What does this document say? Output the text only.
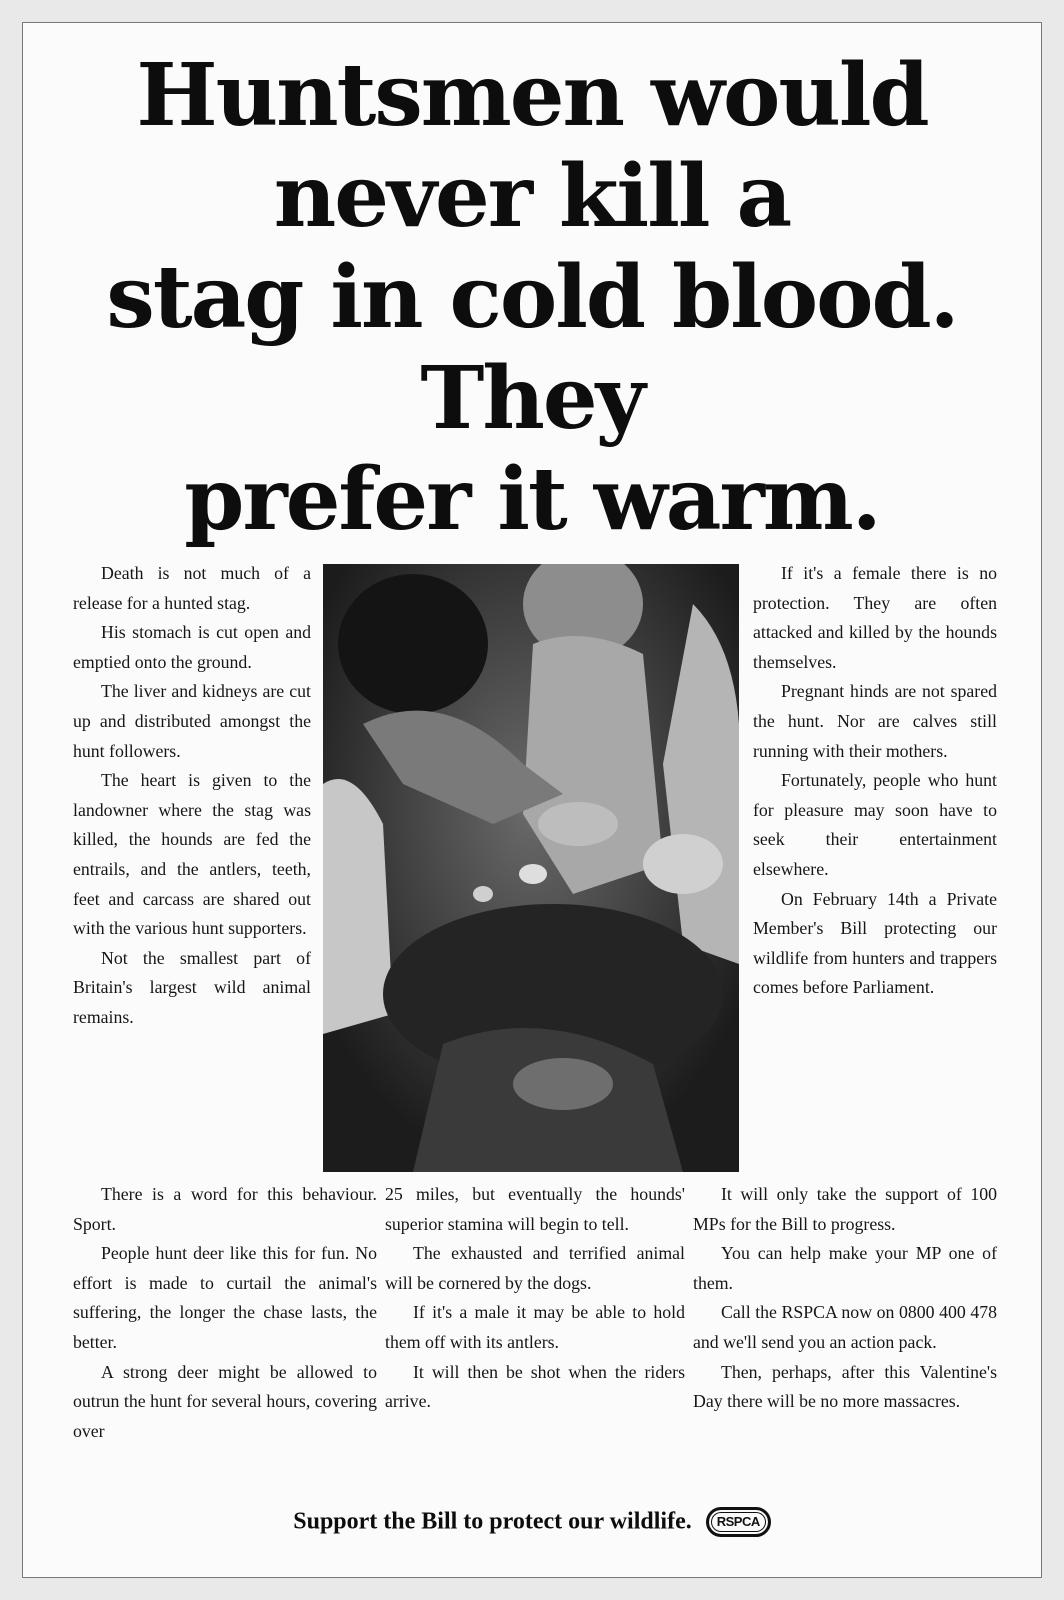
Huntsmen would
never kill a
stag in cold blood.
They
prefer it warm.

Death is not much of a release for a hunted stag.

His stomach is cut open and emptied onto the ground.

The liver and kidneys are cut up and distributed amongst the hunt followers.

The heart is given to the landowner where the stag was killed, the hounds are fed the entrails, and the antlers, teeth, feet and carcass are shared out with the various hunt supporters.

Not the smallest part of Britain's largest wild animal remains.

If it's a female there is no protection. They are often attacked and killed by the hounds themselves.

Pregnant hinds are not spared the hunt. Nor are calves still running with their mothers.

Fortunately, people who hunt for pleasure may soon have to seek their entertainment elsewhere.

On February 14th a Private Member's Bill protecting our wildlife from hunters and trappers comes before Parliament.

There is a word for this behaviour. Sport.

People hunt deer like this for fun. No effort is made to curtail the animal's suffering, the longer the chase lasts, the better.

A strong deer might be allowed to outrun the hunt for several hours, covering over

25 miles, but eventually the hounds' superior stamina will begin to tell.

The exhausted and terrified animal will be cornered by the dogs.

If it's a male it may be able to hold them off with its antlers.

It will then be shot when the riders arrive.

It will only take the support of 100 MPs for the Bill to progress.

You can help make your MP one of them.

Call the RSPCA now on 0800 400 478 and we'll send you an action pack.

Then, perhaps, after this Valentine's Day there will be no more massacres.

Support the Bill to protect our wildlife. RSPCA
